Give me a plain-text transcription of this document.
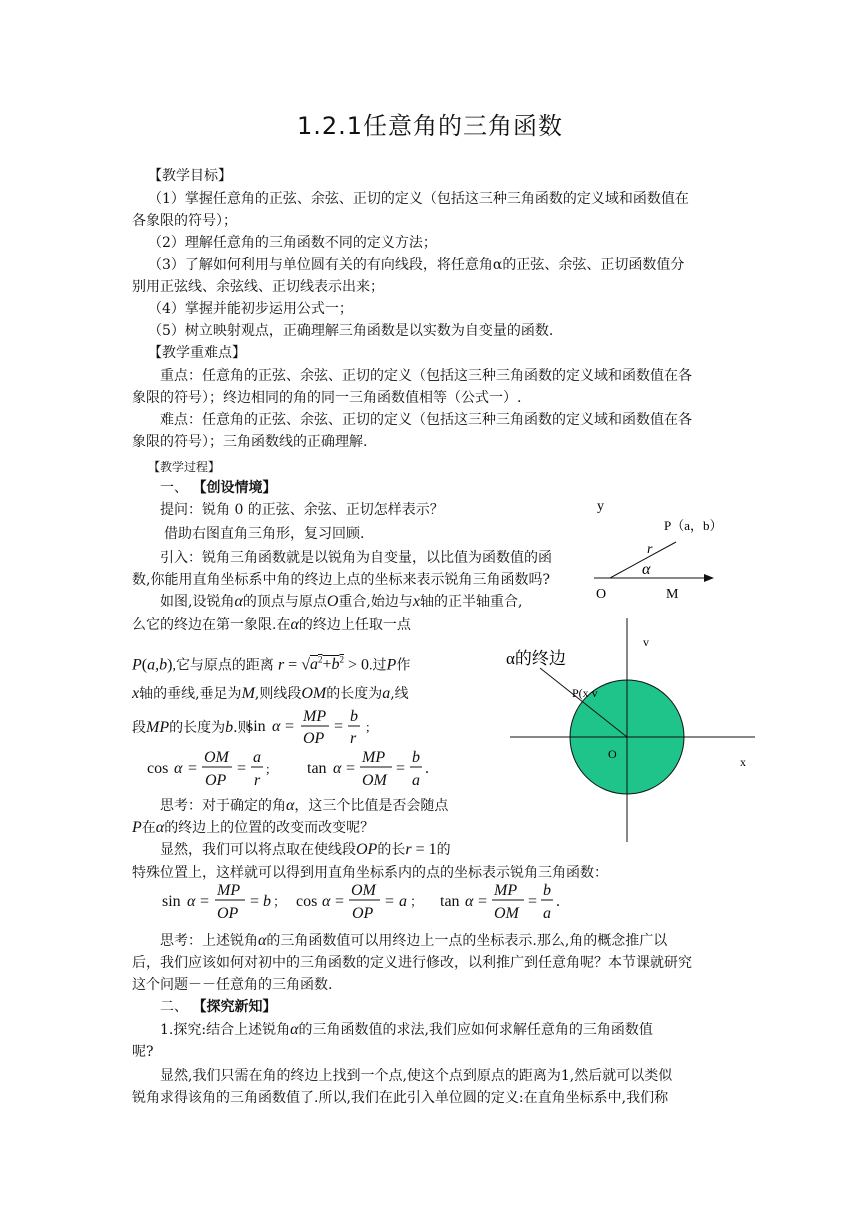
1.2.1任意角的三角函数
【教学目标】
（1）掌握任意角的正弦、余弦、正切的定义（包括这三种三角函数的定义域和函数值在
各象限的符号）；
（2）理解任意角的三角函数不同的定义方法；
（3）了解如何利用与单位圆有关的有向线段，将任意角α的正弦、余弦、正切函数值分
别用正弦线、余弦线、正切线表示出来；
（4）掌握并能初步运用公式一；
（5）树立映射观点，正确理解三角函数是以实数为自变量的函数.
【教学重难点】
重点：任意角的正弦、余弦、正切的定义（包括这三种三角函数的定义域和函数值在各
象限的符号）；终边相同的角的同一三角函数值相等（公式一）.
难点：任意角的正弦、余弦、正切的定义（包括这三种三角函数的定义域和函数值在各
象限的符号）；三角函数线的正确理解.
【教学过程】
一、 【创设情境】
提问：锐角 0 的正弦、余弦、正切怎样表示？
借助右图直角三角形，复习回顾.
引入：锐角三角函数就是以锐角为自变量，以比值为函数值的函
数,你能用直角坐标系中角的终边上点的坐标来表示锐角三角函数吗?
如图,设锐角α的顶点与原点O重合,始边与x轴的正半轴重合,
么它的终边在第一象限.在α的终边上任取一点
P(a,b),它与原点的距离 $r = √a^2+b^2 > 0$.过P作
x轴的垂线,垂足为M,则线段OM的长度为a,线
段MP的长度为b.则
sin α =
MP
OP
=
b
r
;
cos α =
OM
OP
=
a
r
; tan α =
MP
OM
=
b
a
.
sin α =
MP
OP
= b ； cos α =
OM
OP
= a ； tan α =
MP
OM
=
b
a
.
思考：对于确定的角α，这三个比值是否会随点
P在α的终边上的位置的改变而改变呢？
显然，我们可以将点取在使线段OP的长r = 1的
特殊位置上，这样就可以得到用直角坐标系内的点的坐标表示锐角三角函数：
思考：上述锐角α的三角函数值可以用终边上一点的坐标表示.那么,角的概念推广以
后，我们应该如何对初中的三角函数的定义进行修改，以利推广到任意角呢？本节课就研究
这个问题－－任意角的三角函数.
二、 【探究新知】
1.探究:结合上述锐角α的三角函数值的求法,我们应如何求解任意角的三角函数值
呢?
显然,我们只需在角的终边上找到一个点,使这个点到原点的距离为1,然后就可以类似
锐角求得该角的三角函数值了.所以,我们在此引入单位圆的定义:在直角坐标系中,我们称
y
P（a，b）
r
α
O	M
α的终边
v
x
P(x v
O
